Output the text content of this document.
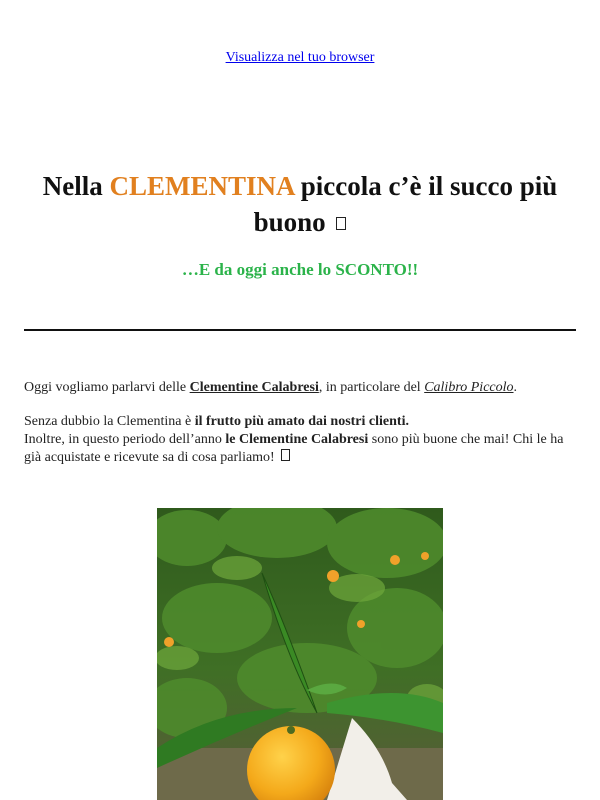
Visualizza nel tuo browser
Nella CLEMENTINA piccola c’è il succo più buono

…E da oggi anche lo SCONTO!!

Oggi vogliamo parlarvi delle Clementine Calabresi, in particolare del Calibro Piccolo.

Senza dubbio la Clementina è il frutto più amato dai nostri clienti.
Inoltre, in questo periodo dell’anno le Clementine Calabresi sono più buone che mai! Chi le ha già acquistate e ricevute sa di cosa parliamo!
